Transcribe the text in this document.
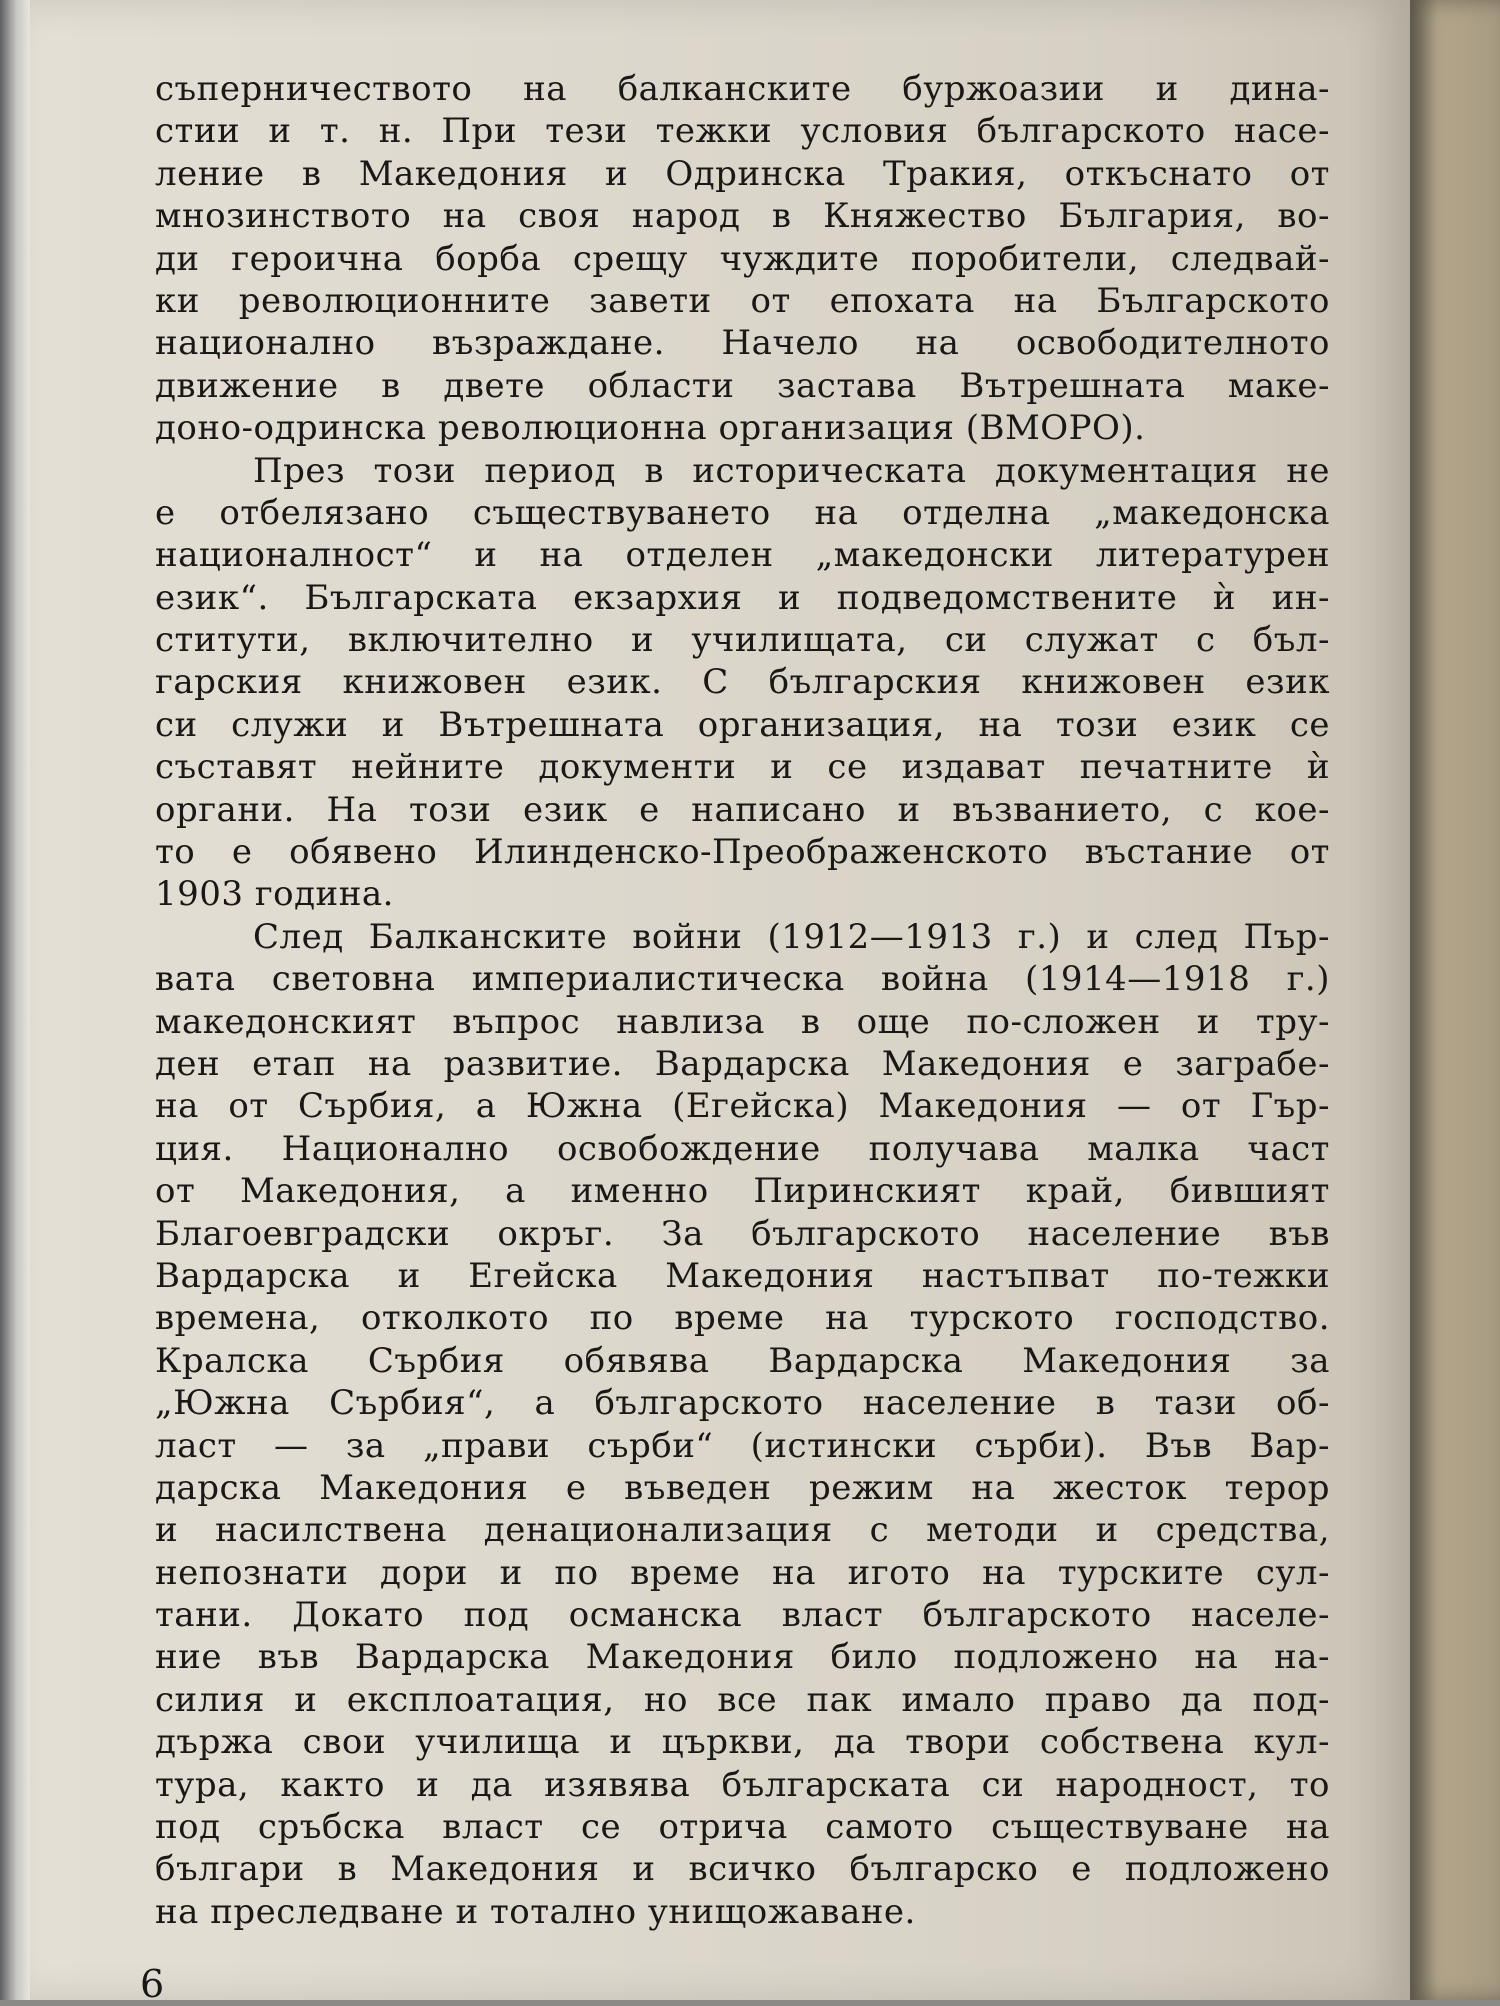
съперничеството на балканските буржоазии и дина-
стии и т. н. При тези тежки условия българското насе-
ление в Македония и Одринска Тракия, откъснато от
мнозинството на своя народ в Княжество България, во-
ди героична борба срещу чуждите поробители, следвай-
ки революционните завети от епохата на Българското
национално възраждане. Начело на освободителното
движение в двете области застава Вътрешната маке-
доно-одринска революционна организация (ВМОРО).
През този период в историческата документация не
е отбелязано съществуването на отделна „македонска
националност“ и на отделен „македонски литературен
език“. Българската екзархия и подведомствените ѝ ин-
ститути, включително и училищата, си служат с бъл-
гарския книжовен език. С българския книжовен език
си служи и Вътрешната организация, на този език се
съставят нейните документи и се издават печатните ѝ
органи. На този език е написано и възванието, с кое-
то е обявено Илинденско-Преображенското въстание от
1903 година.
След Балканските войни (1912—1913 г.) и след Пър-
вата световна империалистическа война (1914—1918 г.)
македонският въпрос навлиза в още по-сложен и тру-
ден етап на развитие. Вардарска Македония е заграбе-
на от Сърбия, а Южна (Егейска) Македония — от Гър-
ция. Национално освобождение получава малка част
от Македония, а именно Пиринският край, бившият
Благоевградски окръг. За българското население във
Вардарска и Егейска Македония настъпват по-тежки
времена, отколкото по време на турското господство.
Кралска Сърбия обявява Вардарска Македония за
„Южна Сърбия“, а българското население в тази об-
ласт — за „прави сърби“ (истински сърби). Във Вар-
дарска Македония е въведен режим на жесток терор
и насилствена денационализация с методи и средства,
непознати дори и по време на игото на турските сул-
тани. Докато под османска власт българското населе-
ние във Вардарска Македония било подложено на на-
силия и експлоатация, но все пак имало право да под-
държа свои училища и църкви, да твори собствена кул-
тура, както и да изявява българската си народност, то
под сръбска власт се отрича самото съществуване на
българи в Македония и всичко българско е подложено
на преследване и тотално унищожаване.
6
